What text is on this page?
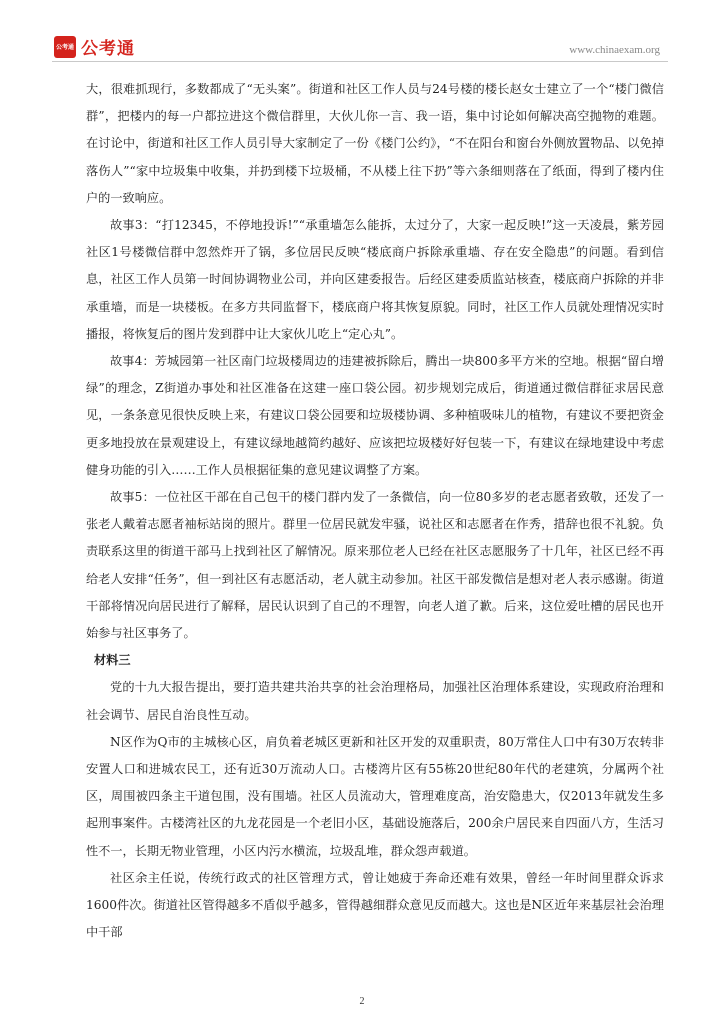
公考通 公考通	www.chinaexam.org

大，很难抓现行，多数都成了“无头案”。街道和社区工作人员与24号楼的楼长赵女士建立了一个“楼门微信群”，把楼内的每一户都拉进这个微信群里，大伙儿你一言、我一语，集中讨论如何解决高空抛物的难题。在讨论中，街道和社区工作人员引导大家制定了一份《楼门公约》，“不在阳台和窗台外侧放置物品、以免掉落伤人”“家中垃圾集中收集，并扔到楼下垃圾桶，不从楼上往下扔”等六条细则落在了纸面，得到了楼内住户的一致响应。

故事3：“打12345，不停地投诉!”“承重墙怎么能拆，太过分了，大家一起反映!”这一天凌晨，紫芳园社区1号楼微信群中忽然炸开了锅，多位居民反映“楼底商户拆除承重墙、存在安全隐患”的问题。看到信息，社区工作人员第一时间协调物业公司，并向区建委报告。后经区建委质监站核查，楼底商户拆除的并非承重墙，而是一块楼板。在多方共同监督下，楼底商户将其恢复原貌。同时，社区工作人员就处理情况实时播报，将恢复后的图片发到群中让大家伙儿吃上“定心丸”。

故事4：芳城园第一社区南门垃圾楼周边的违建被拆除后，腾出一块800多平方米的空地。根据“留白增绿”的理念，Z街道办事处和社区准备在这建一座口袋公园。初步规划完成后，街道通过微信群征求居民意见，一条条意见很快反映上来，有建议口袋公园要和垃圾楼协调、多种植吸味儿的植物，有建议不要把资金更多地投放在景观建设上，有建议绿地越简约越好、应该把垃圾楼好好包装一下，有建议在绿地建设中考虑健身功能的引入……工作人员根据征集的意见建议调整了方案。

故事5：一位社区干部在自己包干的楼门群内发了一条微信，向一位80多岁的老志愿者致敬，还发了一张老人戴着志愿者袖标站岗的照片。群里一位居民就发牢骚，说社区和志愿者在作秀，措辞也很不礼貌。负责联系这里的街道干部马上找到社区了解情况。原来那位老人已经在社区志愿服务了十几年，社区已经不再给老人安排“任务”，但一到社区有志愿活动，老人就主动参加。社区干部发微信是想对老人表示感谢。街道干部将情况向居民进行了解释，居民认识到了自己的不理智，向老人道了歉。后来，这位爱吐槽的居民也开始参与社区事务了。

材料三

党的十九大报告提出，要打造共建共治共享的社会治理格局，加强社区治理体系建设，实现政府治理和社会调节、居民自治良性互动。

N区作为Q市的主城核心区，肩负着老城区更新和社区开发的双重职责，80万常住人口中有30万农转非安置人口和进城农民工，还有近30万流动人口。古楼湾片区有55栋20世纪80年代的老建筑，分属两个社区，周围被四条主干道包围，没有围墙。社区人员流动大，管理难度高，治安隐患大，仅2013年就发生多起刑事案件。古楼湾社区的九龙花园是一个老旧小区，基础设施落后，200余户居民来自四面八方，生活习性不一，长期无物业管理，小区内污水横流，垃圾乱堆，群众怨声载道。

社区余主任说，传统行政式的社区管理方式，曾让她疲于奔命还难有效果，曾经一年时间里群众诉求1600件次。街道社区管得越多不盾似乎越多，管得越细群众意见反而越大。这也是N区近年来基层社会治理中干部

2
